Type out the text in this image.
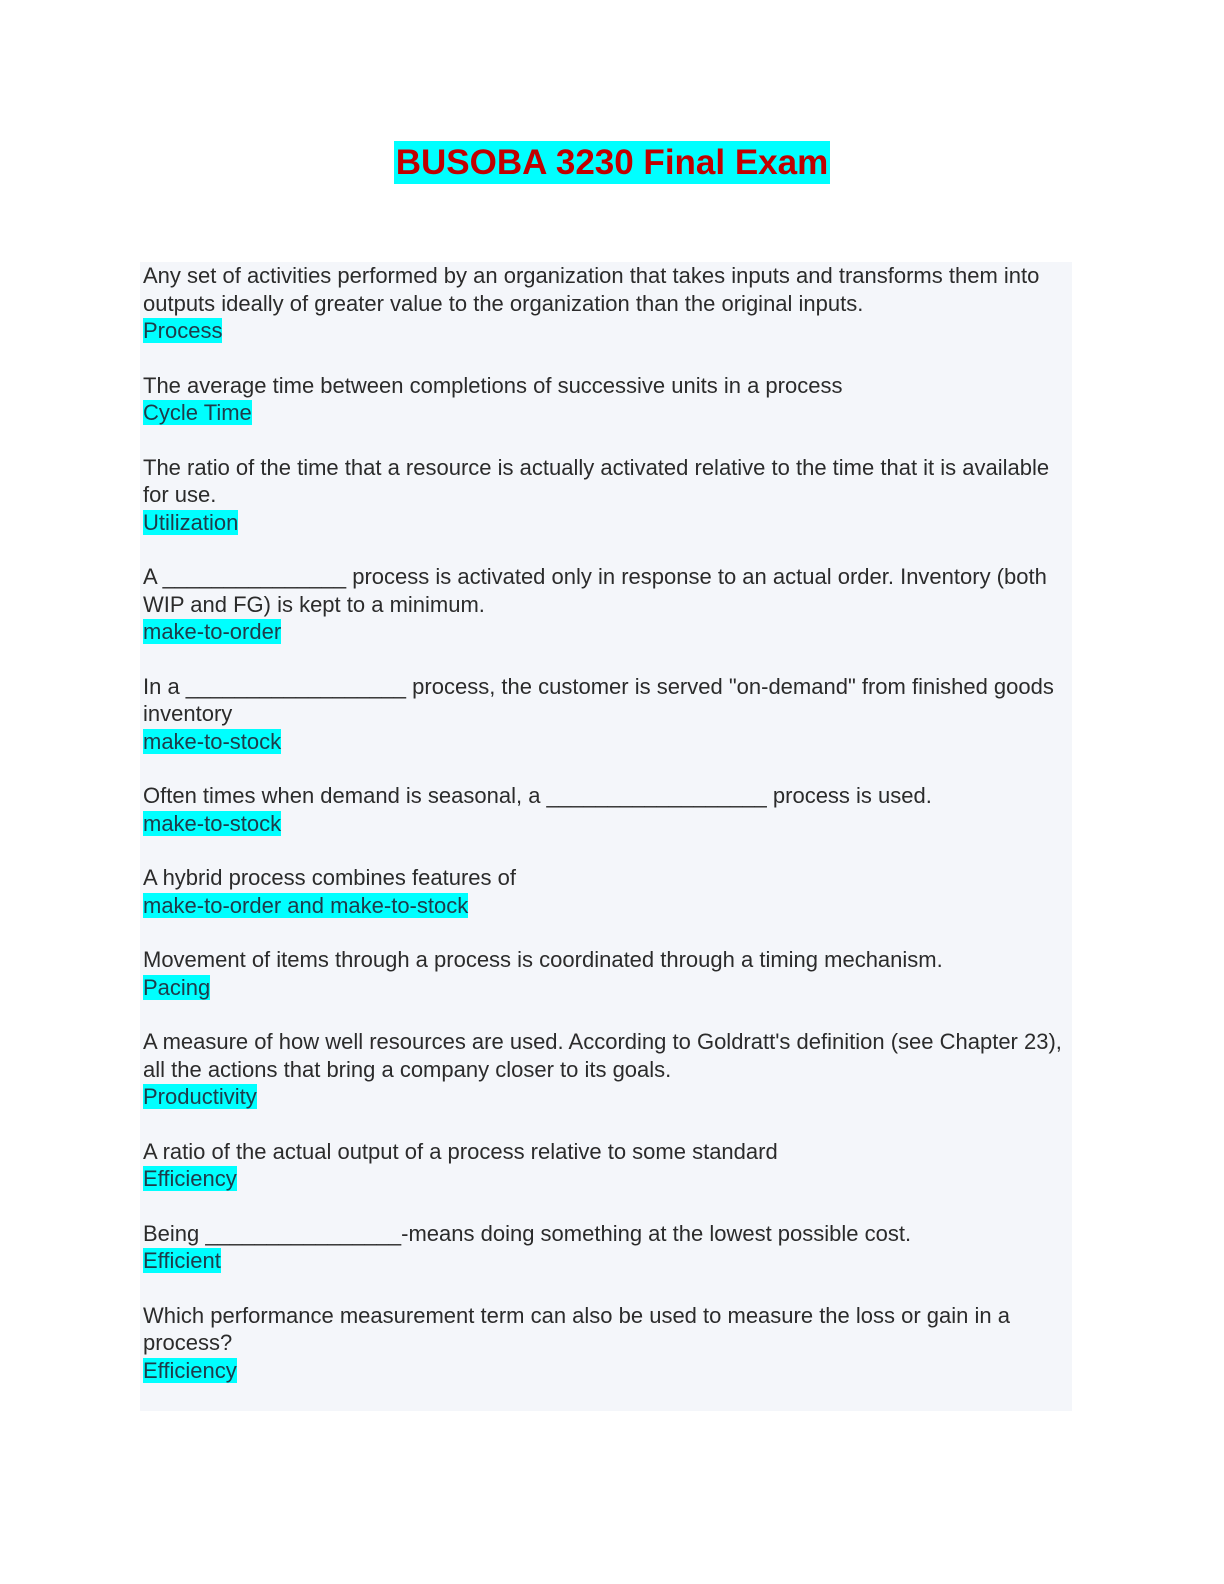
BUSOBA 3230 Final Exam
Any set of activities performed by an organization that takes inputs and transforms them into outputs ideally of greater value to the organization than the original inputs.
Process
The average time between completions of successive units in a process
Cycle Time
The ratio of the time that a resource is actually activated relative to the time that it is available for use.
Utilization
A _______________ process is activated only in response to an actual order. Inventory (both WIP and FG) is kept to a minimum.
make-to-order
In a __________________ process, the customer is served "on-demand" from finished goods inventory
make-to-stock
Often times when demand is seasonal, a __________________ process is used.
make-to-stock
A hybrid process combines features of
make-to-order and make-to-stock
Movement of items through a process is coordinated through a timing mechanism.
Pacing
A measure of how well resources are used. According to Goldratt's definition (see Chapter 23), all the actions that bring a company closer to its goals.
Productivity
A ratio of the actual output of a process relative to some standard
Efficiency
Being ________________-means doing something at the lowest possible cost.
Efficient
Which performance measurement term can also be used to measure the loss or gain in a process?
Efficiency
